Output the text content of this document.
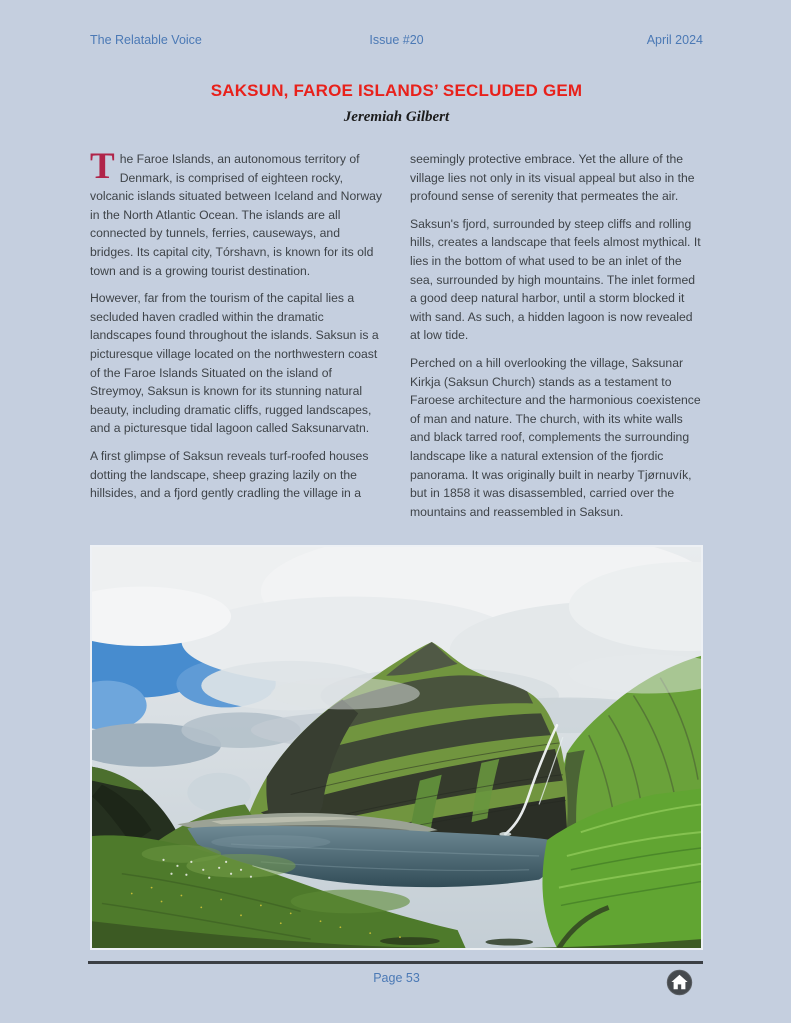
The Relatable Voice	Issue #20	April 2024
SAKSUN, FAROE ISLANDS’ SECLUDED GEM
Jeremiah Gilbert

The Faroe Islands, an autonomous territory of Denmark, is comprised of eighteen rocky, volcanic islands situated between Iceland and Norway in the North Atlantic Ocean. The islands are all connected by tunnels, ferries, causeways, and bridges. Its capital city, Tórshavn, is known for its old town and is a growing tourist destination.

However, far from the tourism of the capital lies a secluded haven cradled within the dramatic landscapes found throughout the islands. Saksun is a picturesque village located on the northwestern coast of the Faroe Islands Situated on the island of Streymoy, Saksun is known for its stunning natural beauty, including dramatic cliffs, rugged landscapes, and a picturesque tidal lagoon called Saksunarvatn.

A first glimpse of Saksun reveals turf-roofed houses dotting the landscape, sheep grazing lazily on the hillsides, and a fjord gently cradling the village in a

seemingly protective embrace. Yet the allure of the village lies not only in its visual appeal but also in the profound sense of serenity that permeates the air.

Saksun's fjord, surrounded by steep cliffs and rolling hills, creates a landscape that feels almost mythical. It lies in the bottom of what used to be an inlet of the sea, surrounded by high mountains. The inlet formed a good deep natural harbor, until a storm blocked it with sand. As such, a hidden lagoon is now revealed at low tide.

Perched on a hill overlooking the village, Saksunar Kirkja (Saksun Church) stands as a testament to Faroese architecture and the harmonious coexistence of man and nature. The church, with its white walls and black tarred roof, complements the surrounding landscape like a natural extension of the fjordic panorama. It was originally built in nearby Tjørnuvík, but in 1858 it was disassembled, carried over the mountains and reassembled in Saksun.

Page 53
